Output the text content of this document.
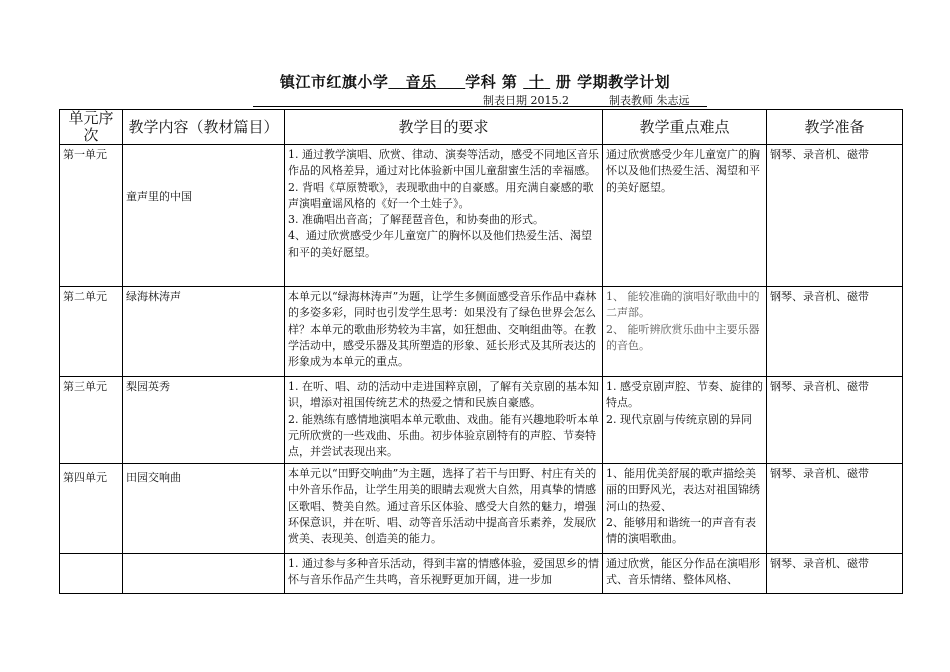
镇江市红旗小学 音乐 学科 第 十 册 学期教学计划
制表日期 2015.2	制表教师 朱志远
单元序次	教学内容（教材篇目）	教学目的要求	教学重点难点	教学准备
第一单元	童声里的中国	1. 通过教学演唱、欣赏、律动、演奏等活动，感受不同地区音乐作品的风格差异，通过对比体验新中国儿童甜蜜生活的幸福感。
2. 背唱《草原赞歌》，表现歌曲中的自豪感。用充满自豪感的歌声演唱童谣风格的《好一个土娃子》。
3. 准确唱出音高；了解琵琶音色，和协奏曲的形式。
4、通过欣赏感受少年儿童宽广的胸怀以及他们热爱生活、渴望和平的美好愿望。	通过欣赏感受少年儿童宽广的胸怀以及他们热爱生活、渴望和平的美好愿望。	钢琴、录音机、磁带
第二单元	绿海林涛声	本单元以“绿海林涛声”为题，让学生多侧面感受音乐作品中森林的多姿多彩，同时也引发学生思考：如果没有了绿色世界会怎么样？本单元的歌曲形势较为丰富，如狂想曲、交响组曲等。在教学活动中，感受乐器及其所塑造的形象、延长形式及其所表达的形象成为本单元的重点。	1、 能较准确的演唱好歌曲中的二声部。
2、 能听辨欣赏乐曲中主要乐器的音色。	钢琴、录音机、磁带
第三单元	梨园英秀	1. 在听、唱、动的活动中走进国粹京剧，了解有关京剧的基本知识，增添对祖国传统艺术的热爱之情和民族自豪感。
2. 能熟练有感情地演唱本单元歌曲、戏曲。能有兴趣地聆听本单元所欣赏的一些戏曲、乐曲。初步体验京剧特有的声腔、节奏特点，并尝试表现出来。	1. 感受京剧声腔、节奏、旋律的特点。
2. 现代京剧与传统京剧的异同	钢琴、录音机、磁带
第四单元	田园交响曲	本单元以“田野交响曲”为主题，选择了若干与田野、村庄有关的中外音乐作品，让学生用美的眼睛去观赏大自然，用真挚的情感区歌唱、赞美自然。通过音乐区体验、感受大自然的魅力，增强环保意识，并在听、唱、动等音乐活动中提高音乐素养，发展欣赏美、表现美、创造美的能力。	1、能用优美舒展的歌声描绘美丽的田野风光，表达对祖国锦绣河山的热爱、
2、能够用和谐统一的声音有表情的演唱歌曲。	钢琴、录音机、磁带

		1. 通过参与多种音乐活动，得到丰富的情感体验，爱国思乡的情怀与音乐作品产生共鸣，音乐视野更加开阔，进一步加	通过欣赏，能区分作品在演唱形式、音乐情绪、整体风格、	钢琴、录音机、磁带
